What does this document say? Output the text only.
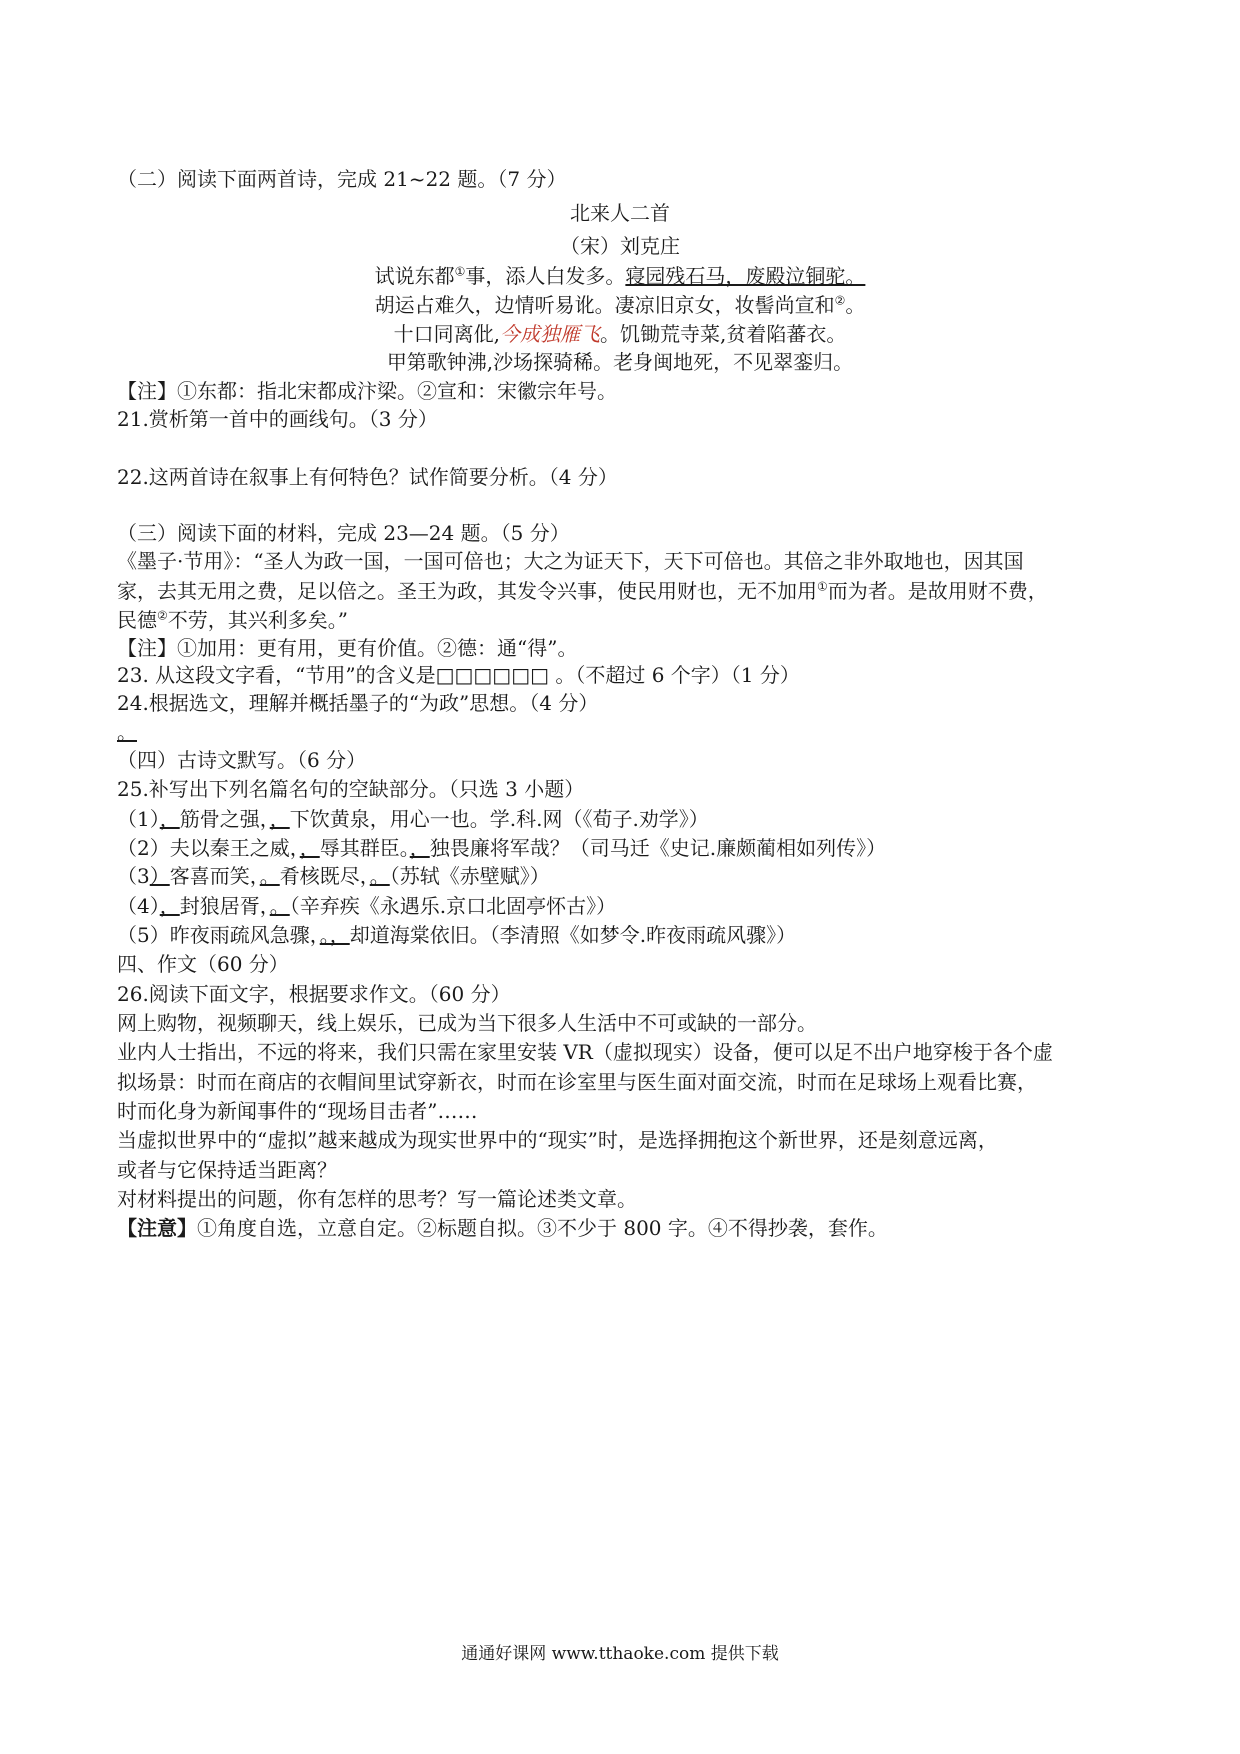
（二）阅读下面两首诗，完成 21~22 题。（7 分）
北来人二首
（宋）刘克庄
试说东都①事，添人白发多。寝园残石马，废殿泣铜驼。
胡运占难久，边情听易讹。凄凉旧京女，妆髻尚宣和②。
十口同离仳,今成独雁飞。饥锄荒寺菜,贫着陷蕃衣。
甲第歌钟沸,沙场探骑稀。老身闽地死，不见翠銮归。
【注】①东都：指北宋都成汴梁。②宣和：宋徽宗年号。
21.赏析第一首中的画线句。（3 分）
22.这两首诗在叙事上有何特色？试作简要分析。（4 分）
（三）阅读下面的材料，完成 23—24 题。（5 分）
《墨子·节用》：“圣人为政一国，一国可倍也；大之为证天下，天下可倍也。其倍之非外取地也，因其国
家，去其无用之费，足以倍之。圣王为政，其发令兴事，使民用财也，无不加用①而为者。是故用财不费，
民德②不劳，其兴利多矣。”
【注】①加用：更有用，更有价值。②德：通“得”。
23. 从这段文字看，“节用”的含义是□□□□□□ 。（不超过 6 个字）（1 分）
24.根据选文，理解并概括墨子的“为政”思想。（4 分）
。
（四）古诗文默写。（6 分）
25.补写出下列名篇名句的空缺部分。（只选 3 小题）
（1），筋骨之强，，下饮黄泉，用心一也。学.科.网（《荀子.劝学》）
（2）夫以秦王之威，，辱其群臣。，独畏廉将军哉？（司马迁《史记.廉颇蔺相如列传》）
（3）客喜而笑，。肴核既尽，。（苏轼《赤壁赋》）
（4），封狼居胥，。（辛弃疾《永遇乐.京口北固亭怀古》）
（5）昨夜雨疏风急骤，。，却道海棠依旧。（李清照《如梦令.昨夜雨疏风骤》）
四、作文（60 分）
26.阅读下面文字，根据要求作文。（60 分）
网上购物，视频聊天，线上娱乐，已成为当下很多人生活中不可或缺的一部分。
业内人士指出，不远的将来，我们只需在家里安装 VR（虚拟现实）设备，便可以足不出户地穿梭于各个虚
拟场景：时而在商店的衣帽间里试穿新衣，时而在诊室里与医生面对面交流，时而在足球场上观看比赛，
时而化身为新闻事件的“现场目击者”……
当虚拟世界中的“虚拟”越来越成为现实世界中的“现实”时，是选择拥抱这个新世界，还是刻意远离，
或者与它保持适当距离？
对材料提出的问题，你有怎样的思考？写一篇论述类文章。
【注意】①角度自选，立意自定。②标题自拟。③不少于 800 字。④不得抄袭，套作。
通通好课网 www.tthaoke.com 提供下载
